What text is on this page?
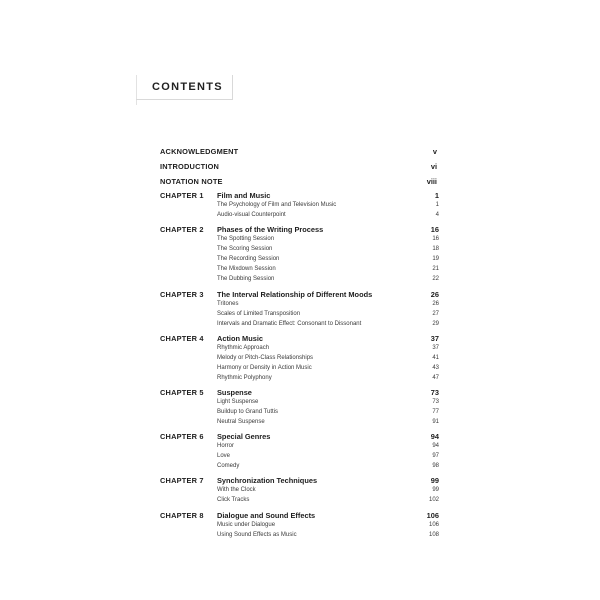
CONTENTS
ACKNOWLEDGMENT	v
INTRODUCTION	vi
NOTATION NOTE	viii
CHAPTER 1 Film and Music	1
The Psychology of Film and Television Music	1
Audio-visual Counterpoint	4
CHAPTER 2 Phases of the Writing Process	16
The Spotting Session	16
The Scoring Session	18
The Recording Session	19
The Mixdown Session	21
The Dubbing Session	22
CHAPTER 3 The Interval Relationship of Different Moods	26
Tritones	26
Scales of Limited Transposition	27
Intervals and Dramatic Effect: Consonant to Dissonant	29
CHAPTER 4 Action Music	37
Rhythmic Approach	37
Melody or Pitch-Class Relationships	41
Harmony or Density in Action Music	43
Rhythmic Polyphony	47
CHAPTER 5 Suspense	73
Light Suspense	73
Buildup to Grand Tuttis	77
Neutral Suspense	91
CHAPTER 6 Special Genres	94
Horror	94
Love	97
Comedy	98
CHAPTER 7 Synchronization Techniques	99
With the Clock	99
Click Tracks	102
CHAPTER 8 Dialogue and Sound Effects	106
Music under Dialogue	106
Using Sound Effects as Music	108
